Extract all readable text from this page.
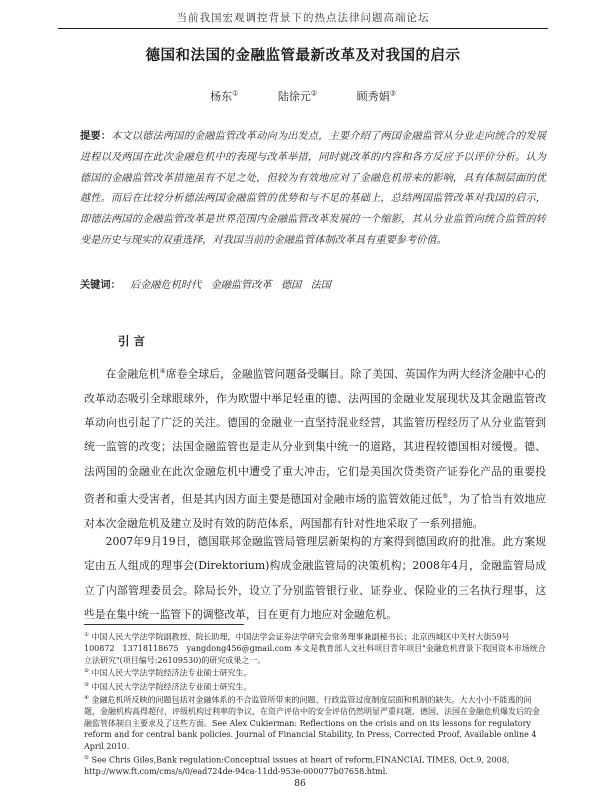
当前我国宏观调控背景下的热点法律问题高端论坛
德国和法国的金融监管最新改革及对我国的启示
杨东①	陆徐元②	顾秀娟③
提要：本文以德法两国的金融监管改革动向为出发点，主要介绍了两国金融监管从分业走向统合的发展进程以及两国在此次金融危机中的表现与改革举措，同时就改革的内容和各方反应予以评价分析。认为德国的金融监管改革措施虽有不足之处，但较为有效地应对了金融危机带来的影响，具有体制层面的优越性。而后在比较分析德法两国金融监管的优势和与不足的基础上，总结两国监管改革对我国的启示，即德法两国的金融监管改革是世界范围内金融监管改革发展的一个缩影，其从分业监管向统合监管的转变是历史与现实的双重选择，对我国当前的金融监管体制改革具有重要参考价值。
关键词： 后金融危机时代 金融监管改革 德国 法国
引言

在金融危机④席卷全球后，金融监管问题备受瞩目。除了美国、英国作为两大经济金融中心的改革动态吸引全球眼球外，作为欧盟中举足轻重的德、法两国的金融业发展现状及其金融监管改革动向也引起了广泛的关注。德国的金融业一直坚持混业经营，其监管历程经历了从分业监管到统一监管的改变；法国金融监管也是走从分业到集中统一的道路，其进程较德国相对缓慢。德、法两国的金融业在此次金融危机中遭受了重大冲击，它们是美国次贷类资产证券化产品的重要投资者和重大受害者，但是其内因方面主要是德国对金融市场的监管效能过低⑤，为了恰当有效地应对本次金融危机及建立及时有效的防范体系，两国都有针对性地采取了一系列措施。

2007年9月19日，德国联邦金融监管局管理层新架构的方案得到德国政府的批准。此方案规定由五人组成的理事会(Direktorium)构成金融监管局的决策机构；2008年4月，金融监管局成立了内部管理委员会。除局长外，设立了分别监管银行业、证券业、保险业的三名执行理事，这些是在集中统一监管下的调整改革，目在更有力地应对金融危机。

① 中国人民大学法学院副教授、院长助理，中国法学会证券法学研究会常务理事兼副秘书长；北京西城区中关村大街59号　100872　13718118675　yangdong456@gmail.com 本文是教育部人文社科项目青年项目"金融危机背景下我国资本市场统合立法研究"(项目编号:26109530)的研究成果之一。

② 中国人民大学法学院经济法专业硕士研究生。

③ 中国人民大学法学院经济法专业硕士研究生。

④ 金融危机所反映的问题包括对金融体系的不合监管所带来的问题、行政监管过度制度层面和机制的缺失。大大小小不能逃的问题，金融机构高得超付，评级机构过利率的争议，在资产评估中的安全评估仍然明显严重问题，德国、法国在金融危机爆发后的金融监管体制自主要求及了这些方面。See Alex Cukierman: Reflections on the crisis and on its lessons for regulatory reform and for central bank policies. Journal of Financial Stability, In Press, Corrected Proof, Available online 4 April 2010.

⑤ See Chris Giles,Bank regulation:Conceptual issues at heart of reform,FINANCIAL TIMES, Oct.9, 2008, http://www.ft.com/cms/s/0/ead724de-94ca-11dd-953e-000077b07658.html.

86
